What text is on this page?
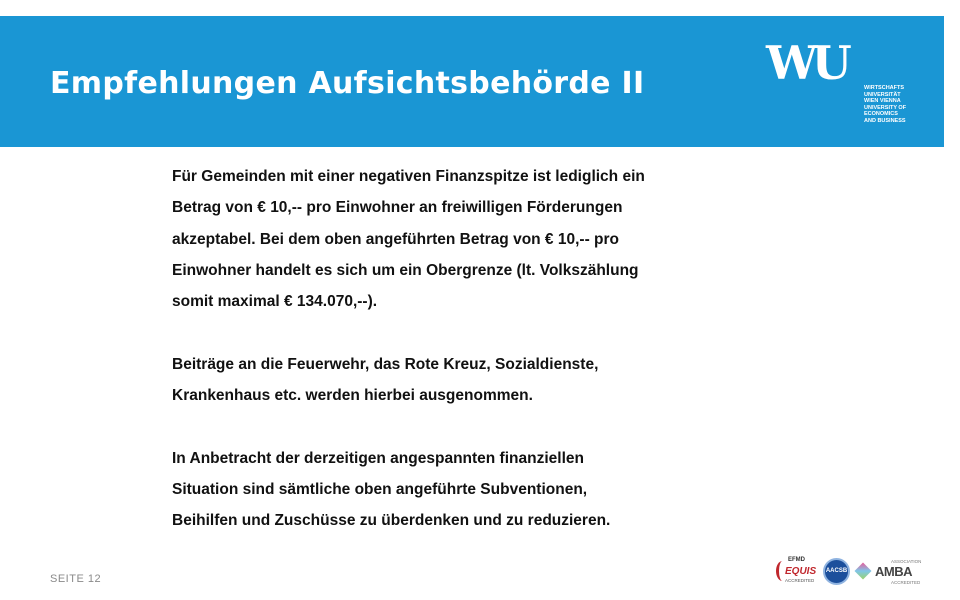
Empfehlungen Aufsichtsbehörde II	WU	WIRTSCHAFTS
UNIVERSITÄT
WIEN VIENNA
UNIVERSITY OF
ECONOMICS
AND BUSINESS

Für Gemeinden mit einer negativen Finanzspitze ist lediglich ein
Betrag von € 10,-- pro Einwohner an freiwilligen Förderungen
akzeptabel. Bei dem oben angeführten Betrag von € 10,-- pro
Einwohner handelt es sich um ein Obergrenze (lt. Volkszählung
somit maximal € 134.070,--).

Beiträge an die Feuerwehr, das Rote Kreuz, Sozialdienste,
Krankenhaus etc. werden hierbei ausgenommen.

In Anbetracht der derzeitigen angespannten finanziellen
Situation sind sämtliche oben angeführte Subventionen,
Beihilfen und Zuschüsse zu überdenken und zu reduzieren.

SEITE 12
EFMD
EQUIS
ACCREDITED
AACSB
ASSOCIATION
AMBA
ACCREDITED
